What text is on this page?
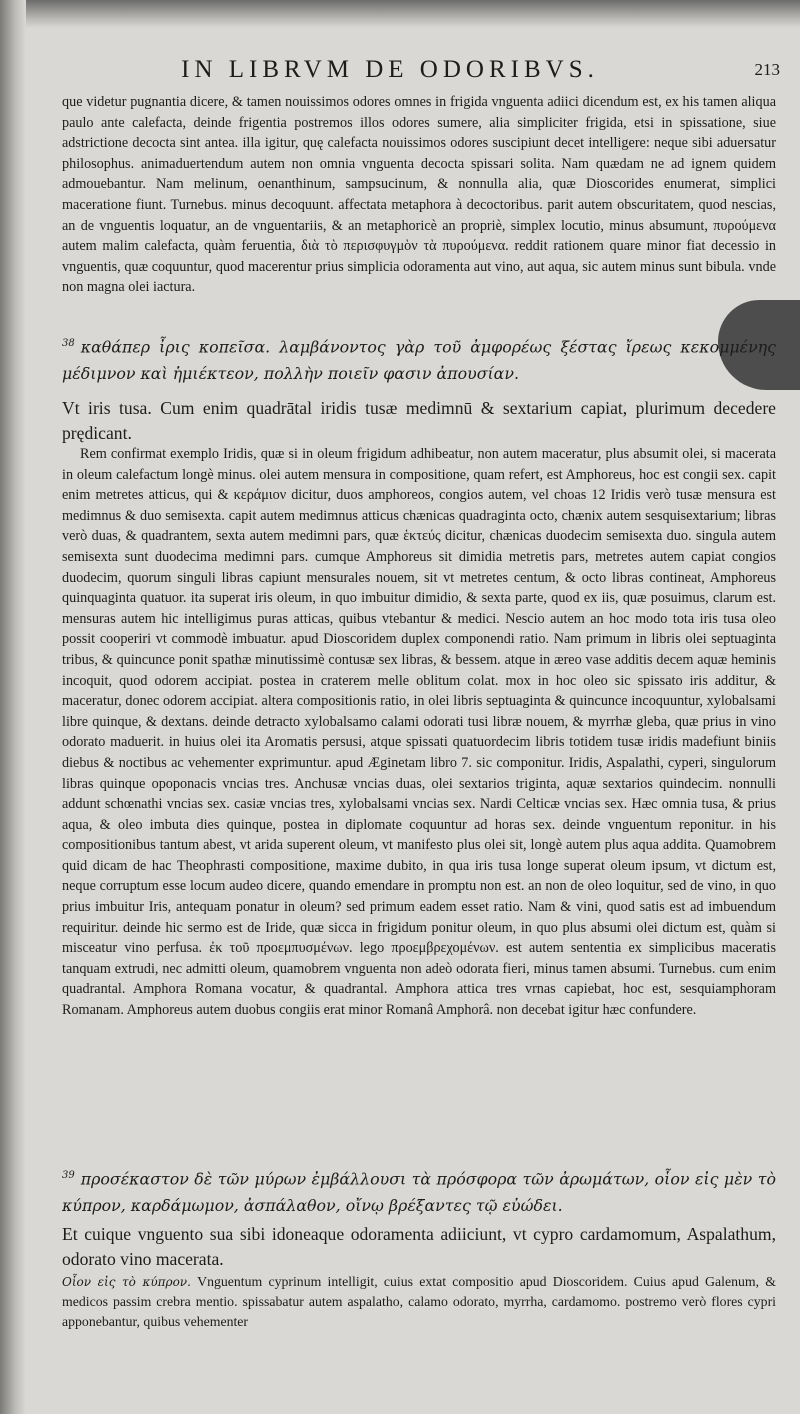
IN LIBRVM DE ODORIBVS.	213

que videtur pugnantia dicere, & tamen nouissimos odores omnes in frigida vnguenta adiici dicendum est, ex his tamen aliqua paulo ante calefacta, deinde frigentia postremos illos odores sumere, alia simpliciter frigida, etsi in spissatione, siue adstrictione decocta sint antea. illa igitur, quę calefacta nouissimos odores suscipiunt decet intelligere: neque sibi aduersatur philosophus. animaduertendum autem non omnia vnguenta decocta spissari solita. Nam quædam ne ad ignem quidem admouebantur. Nam melinum, oenanthinum, sampsucinum, & nonnulla alia, quæ Dioscorides enumerat, simplici maceratione fiunt. Turnebus. minus decoquunt. affectata metaphora à decoctoribus. parit autem obscuritatem, quod nescias, an de vnguentis loquatur, an de vnguentariis, & an metaphoricè an propriè, simplex locutio, minus absumunt, πυρούμενα autem malim calefacta, quàm feruentia, διὰ τὸ περισφυγμὸν τὰ πυρούμενα. reddit rationem quare minor fiat decessio in vnguentis, quæ coquuntur, quod macerentur prius simplicia odoramenta aut vino, aut aqua, sic autem minus sunt bibula. vnde non magna olei iactura.

$^{38}$ καθάπερ ἶρις κοπεῖσα. λαμβάνοντος γὰρ τοῦ ἀμφορέως ξέστας ἴρεως κεκομμένης μέδιμνον καὶ ἡμιέκτεον, πολλὴν ποιεῖν φασιν ἀπουσίαν.

Vt iris tusa. Cum enim quadrātal iridis tusæ medimnū & sextarium capiat, plurimum decedere prędicant.

Rem confirmat exemplo Iridis, quæ si in oleum frigidum adhibeatur, non autem maceratur, plus absumit olei, si macerata in oleum calefactum longè minus. olei autem mensura in compositione, quam refert, est Amphoreus, hoc est congii sex. capit enim metretes atticus, qui & κεράμιον dicitur, duos amphoreos, congios autem, vel choas 12 Iridis verò tusæ mensura est medimnus & duo semisexta. capit autem medimnus atticus chænicas quadraginta octo, chænix autem sesquisextarium; libras verò duas, & quadrantem, sexta autem medimni pars, quæ ἑκτεύς dicitur, chænicas duodecim semisexta duo. singula autem semisexta sunt duodecima medimni pars. cumque Amphoreus sit dimidia metretis pars, metretes autem capiat congios duodecim, quorum singuli libras capiunt mensurales nouem, sit vt metretes centum, & octo libras contineat, Amphoreus quinquaginta quatuor. ita superat iris oleum, in quo imbuitur dimidio, & sexta parte, quod ex iis, quæ posuimus, clarum est. mensuras autem hic intelligimus puras atticas, quibus vtebantur & medici. Nescio autem an hoc modo tota iris tusa oleo possit cooperiri vt commodè imbuatur. apud Dioscoridem duplex componendi ratio. Nam primum in libris olei septuaginta tribus, & quincunce ponit spathæ minutissimè contusæ sex libras, & bessem. atque in æreo vase additis decem aquæ heminis incoquit, quod odorem accipiat. postea in craterem melle oblitum colat. mox in hoc oleo sic spissato iris additur, & maceratur, donec odorem accipiat. altera compositionis ratio, in olei libris septuaginta & quincunce incoquuntur, xylobalsami libre quinque, & dextans. deinde detracto xylobalsamo calami odorati tusi libræ nouem, & myrrhæ gleba, quæ prius in vino odorato maduerit. in huius olei ita Aromatis persusi, atque spissati quatuordecim libris totidem tusæ iridis madefiunt biniis diebus & noctibus ac vehementer exprimuntur. apud Æginetam libro 7. sic componitur. Iridis, Aspalathi, cyperi, singulorum libras quinque opoponacis vncias tres. Anchusæ vncias duas, olei sextarios triginta, aquæ sextarios quindecim. nonnulli addunt schœnathi vncias sex. casiæ vncias tres, xylobalsami vncias sex. Nardi Celticæ vncias sex. Hæc omnia tusa, & prius aqua, & oleo imbuta dies quinque, postea in diplomate coquuntur ad horas sex. deinde vnguentum reponitur. in his compositionibus tantum abest, vt arida superent oleum, vt manifesto plus olei sit, longè autem plus aqua addita. Quamobrem quid dicam de hac Theophrasti compositione, maxime dubito, in qua iris tusa longe superat oleum ipsum, vt dictum est, neque corruptum esse locum audeo dicere, quando emendare in promptu non est. an non de oleo loquitur, sed de vino, in quo prius imbuitur Iris, antequam ponatur in oleum? sed primum eadem esset ratio. Nam & vini, quod satis est ad imbuendum requiritur. deinde hic sermo est de Iride, quæ sicca in frigidum ponitur oleum, in quo plus absumi olei dictum est, quàm si misceatur vino perfusa. ἐκ τοῦ προεμπυσμένων. lego προεμβρεχομένων. est autem sententia ex simplicibus maceratis tanquam extrudi, nec admitti oleum, quamobrem vnguenta non adeò odorata fieri, minus tamen absumi. Turnebus. cum enim quadrantal. Amphora Romana vocatur, & quadrantal. Amphora attica tres vrnas capiebat, hoc est, sesquiamphoram Romanam. Amphoreus autem duobus congiis erat minor Romanâ Amphorâ. non decebat igitur hæc confundere.

$^{39}$ προσέκαστον δὲ τῶν μύρων ἐμβάλλουσι τὰ πρόσφορα τῶν ἀρωμάτων, οἷον εἰς μὲν τὸ κύπρον, καρδάμωμον, ἀσπάλαθον, οἴνῳ βρέξαντες τῷ εὐώδει.

Et cuique vnguento sua sibi idoneaque odoramenta adiiciunt, vt cypro cardamomum, Aspalathum, odorato vino macerata.

Οἷον εἰς τὸ κύπρον. Vnguentum cyprinum intelligit, cuius extat compositio apud Dioscoridem. Cuius apud Galenum, & medicos passim crebra mentio. spissabatur autem aspalatho, calamo odorato, myrrha, cardamomo. postremo verò flores cypri apponebantur, quibus vehementer
